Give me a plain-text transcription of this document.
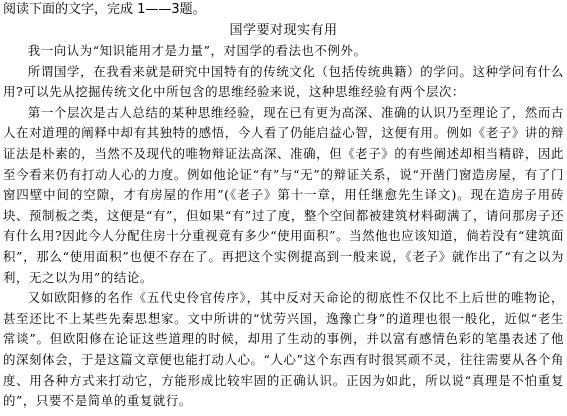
阅读下面的文字，完成 1——3题。
国学要对现实有用

我一向认为“知识能用才是力量”，对国学的看法也不例外。

所谓国学，在我看来就是研究中国特有的传统文化（包括传统典籍）的学问。这种学问有什么用?可以先从挖掘传统文化中所包含的思维经验来说，这种思维经验有两个层次：

第一个层次是古人总结的某种思维经验，现在已有更为高深、准确的认识乃至理论了，然而古人在对道理的阐释中却有其独特的感悟，今人看了仍能启益心智，这便有用。例如《老子》讲的辩证法是朴素的，当然不及现代的唯物辩证法高深、准确，但《老子》的有些阐述却相当精辟，因此至今看来仍有打动人心的力度。例如他论证“有”与“无”的辩证关系，说“开凿门窗造房屋，有了门窗四壁中间的空隙，才有房屋的作用”(《老子》第十一章，用任继愈先生译文)。现在造房子用砖块、预制板之类，这便是“有”，但如果“有”过了度，整个空间都被建筑材料砌满了，请问那房子还有什么用?因此今人分配住房十分重视竟有多少“使用面积”。当然他也应该知道，倘若没有“建筑面积”，那么“使用面积”也便不存在了。再把这个实例提高到一般来说，《老子》就作出了“有之以为利，无之以为用”的结论。

又如欧阳修的名作《五代史伶官传序》，其中反对天命论的彻底性不仅比不上后世的唯物论，甚至还比不上某些先秦思想家。文中所讲的“忧劳兴国，逸豫亡身”的道理也很一般化，近似“老生常谈”。但欧阳修在论证这些道理的时候，却用了生动的事例，并以富有感情色彩的笔墨表述了他的深刻体会，于是这篇文章便也能打动人心。“人心”这个东西有时很冥顽不灵，往往需要从各个角度、用各种方式来打动它，方能形成比较牢固的正确认识。正因为如此，所以说“真理是不怕重复的”，只要不是简单的重复就行。
